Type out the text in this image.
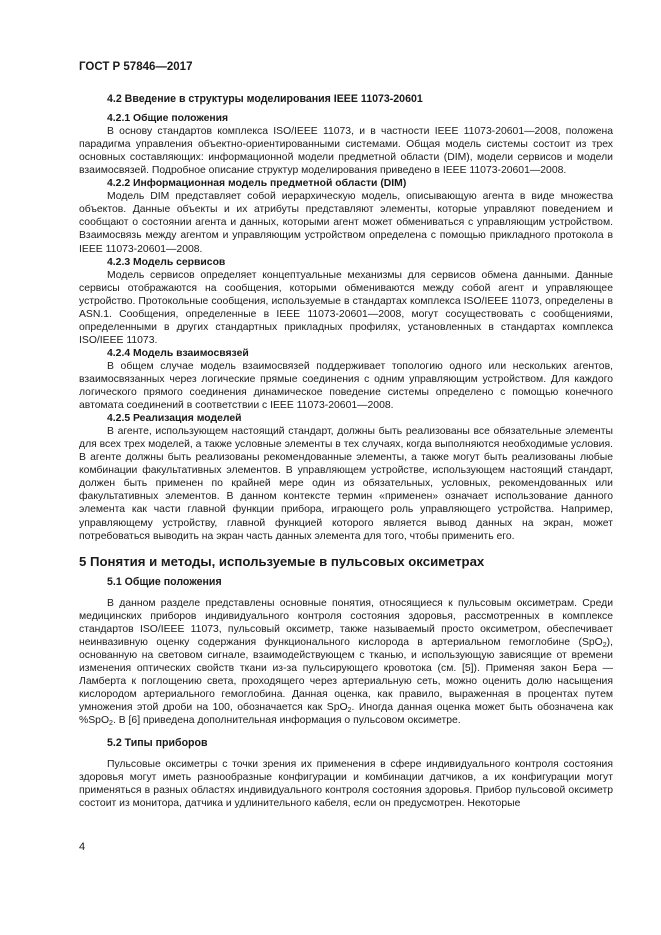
ГОСТ Р 57846—2017
4.2 Введение в структуры моделирования IEEE 11073-20601
4.2.1 Общие положения

В основу стандартов комплекса ISO/IEEE 11073, и в частности IEEE 11073-20601—2008, положена парадигма управления объектно-ориентированными системами. Общая модель системы состоит из трех основных составляющих: информационной модели предметной области (DIM), модели сервисов и модели взаимосвязей. Подробное описание структур моделирования приведено в IEEE 11073-20601—2008.

4.2.2 Информационная модель предметной области (DIM)

Модель DIM представляет собой иерархическую модель, описывающую агента в виде множества объектов. Данные объекты и их атрибуты представляют элементы, которые управляют поведением и сообщают о состоянии агента и данных, которыми агент может обмениваться с управляющим устройством. Взаимосвязь между агентом и управляющим устройством определена с помощью прикладного протокола в IEEE 11073-20601—2008.

4.2.3 Модель сервисов

Модель сервисов определяет концептуальные механизмы для сервисов обмена данными. Данные сервисы отображаются на сообщения, которыми обмениваются между собой агент и управляющее устройство. Протокольные сообщения, используемые в стандартах комплекса ISO/IEEE 11073, определены в ASN.1. Сообщения, определенные в IEEE 11073-20601—2008, могут сосуществовать с сообщениями, определенными в других стандартных прикладных профилях, установленных в стандартах комплекса ISO/IEEE 11073.

4.2.4 Модель взаимосвязей

В общем случае модель взаимосвязей поддерживает топологию одного или нескольких агентов, взаимосвязанных через логические прямые соединения с одним управляющим устройством. Для каждого логического прямого соединения динамическое поведение системы определено с помощью конечного автомата соединений в соответствии с IEEE 11073-20601—2008.

4.2.5 Реализация моделей

В агенте, использующем настоящий стандарт, должны быть реализованы все обязательные элементы для всех трех моделей, а также условные элементы в тех случаях, когда выполняются необходимые условия. В агенте должны быть реализованы рекомендованные элементы, а также могут быть реализованы любые комбинации факультативных элементов. В управляющем устройстве, использующем настоящий стандарт, должен быть применен по крайней мере один из обязательных, условных, рекомендованных или факультативных элементов. В данном контексте термин «применен» означает использование данного элемента как части главной функции прибора, играющего роль управляющего устройства. Например, управляющему устройству, главной функцией которого является вывод данных на экран, может потребоваться выводить на экран часть данных элемента для того, чтобы применить его.

5 Понятия и методы, используемые в пульсовых оксиметрах
5.1 Общие положения

В данном разделе представлены основные понятия, относящиеся к пульсовым оксиметрам. Среди медицинских приборов индивидуального контроля состояния здоровья, рассмотренных в комплексе стандартов ISO/IEEE 11073, пульсовый оксиметр, также называемый просто оксиметром, обеспечивает неинвазивную оценку содержания функционального кислорода в артериальном гемоглобине (SpO$_2$), основанную на световом сигнале, взаимодействующем с тканью, и использующую зависящие от времени изменения оптических свойств ткани из-за пульсирующего кровотока (см. [5]). Применяя закон Бера — Ламберта к поглощению света, проходящего через артериальную сеть, можно оценить долю насыщения кислородом артериального гемоглобина. Данная оценка, как правило, выраженная в процентах путем умножения этой дроби на 100, обозначается как SpO$_2$. Иногда данная оценка может быть обозначена как %SpO$_2$. В [6] приведена дополнительная информация о пульсовом оксиметре.

5.2 Типы приборов

Пульсовые оксиметры с точки зрения их применения в сфере индивидуального контроля состояния здоровья могут иметь разнообразные конфигурации и комбинации датчиков, а их конфигурации могут применяться в разных областях индивидуального контроля состояния здоровья. Прибор пульсовой оксиметр состоит из монитора, датчика и удлинительного кабеля, если он предусмотрен. Некоторые

4
